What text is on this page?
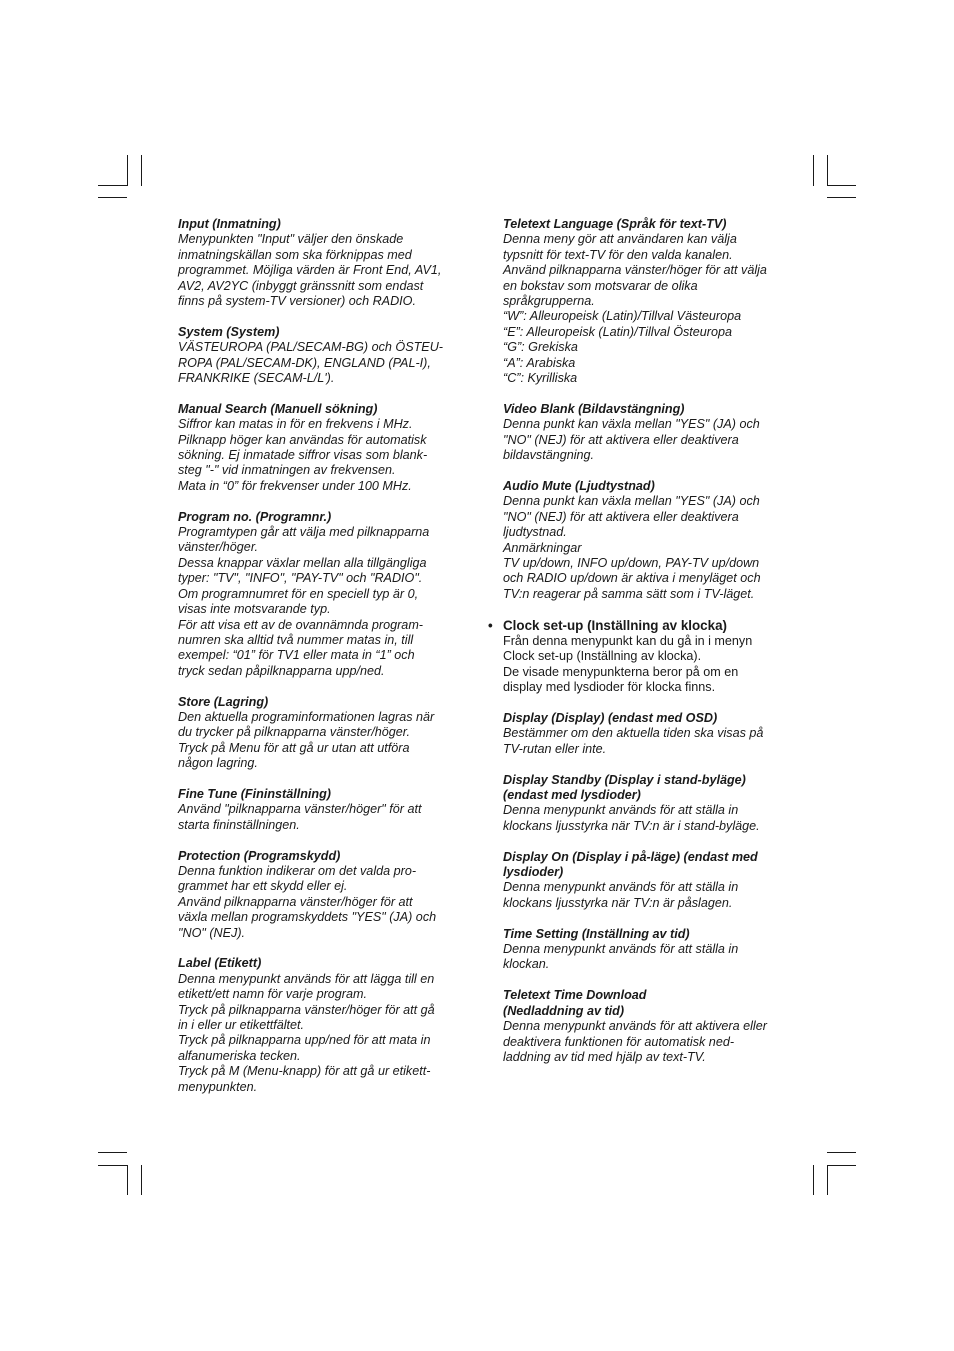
Input (Inmatning)
Menypunkten "Input" väljer den önskade
inmatningskällan som ska förknippas med
programmet. Möjliga värden är Front End, AV1,
AV2, AV2YC (inbyggt gränssnitt som endast
finns på system-TV versioner) och RADIO.
System (System)
VÄSTEUROPA (PAL/SECAM-BG) och ÖSTEU-
ROPA (PAL/SECAM-DK), ENGLAND (PAL-I),
FRANKRIKE (SECAM-L/L').
Manual Search (Manuell sökning)
Siffror kan matas in för en frekvens i MHz.
Pilknapp höger kan användas för automatisk
sökning. Ej inmatade siffror visas som blank-
steg "-" vid inmatningen av frekvensen.
Mata in “0” för frekvenser under 100 MHz.
Program no. (Programnr.)
Programtypen går att välja med pilknapparna
vänster/höger.
Dessa knappar växlar mellan alla tillgängliga
typer: "TV", "INFO", "PAY-TV" och "RADIO".
Om programnumret för en speciell typ är 0,
visas inte motsvarande typ.
För att visa ett av de ovannämnda program-
numren ska alltid två nummer matas in, till
exempel: “01” för TV1 eller mata in “1” och
tryck sedan påpilknapparna upp/ned.
Store (Lagring)
Den aktuella programinformationen lagras när
du trycker på pilknapparna vänster/höger.
Tryck på Menu för att gå ur utan att utföra
någon lagring.
Fine Tune (Fininställning)
Använd "pilknapparna vänster/höger" för att
starta fininställningen.
Protection (Programskydd)
Denna funktion indikerar om det valda pro-
grammet har ett skydd eller ej.
Använd pilknapparna vänster/höger för att
växla mellan programskyddets "YES" (JA) och
"NO" (NEJ).
Label (Etikett)
Denna menypunkt används för att lägga till en
etikett/ett namn för varje program.
Tryck på pilknapparna vänster/höger för att gå
in i eller ur etikettfältet.
Tryck på pilknapparna upp/ned för att mata in
alfanumeriska tecken.
Tryck på M (Menu-knapp) för att gå ur etikett-
menypunkten.
Teletext Language (Språk för text-TV)
Denna meny gör att användaren kan välja
typsnitt för text-TV för den valda kanalen.
Använd pilknapparna vänster/höger för att välja
en bokstav som motsvarar de olika
språkgrupperna.
“W”: Alleuropeisk (Latin)/Tillval Västeuropa
“E”: Alleuropeisk (Latin)/Tillval Östeuropa
“G”: Grekiska
“A”: Arabiska
“C”: Kyrilliska
Video Blank (Bildavstängning)
Denna punkt kan växla mellan "YES" (JA) och
"NO" (NEJ) för att aktivera eller deaktivera
bildavstängning.
Audio Mute (Ljudtystnad)
Denna punkt kan växla mellan "YES" (JA) och
"NO" (NEJ) för att aktivera eller deaktivera
ljudtystnad.
Anmärkningar
TV up/down, INFO up/down, PAY-TV up/down
och RADIO up/down är aktiva i menyläget och
TV:n reagerar på samma sätt som i TV-läget.
• Clock set-up (Inställning av klocka)
Från denna menypunkt kan du gå in i menyn
Clock set-up (Inställning av klocka).
De visade menypunkterna beror på om en
display med lysdioder för klocka finns.
Display (Display) (endast med OSD)
Bestämmer om den aktuella tiden ska visas på
TV-rutan eller inte.
Display Standby (Display i stand-byläge)
(endast med lysdioder)
Denna menypunkt används för att ställa in
klockans ljusstyrka när TV:n är i stand-byläge.
Display On (Display i på-läge) (endast med
lysdioder)
Denna menypunkt används för att ställa in
klockans ljusstyrka när TV:n är påslagen.
Time Setting (Inställning av tid)
Denna menypunkt används för att ställa in
klockan.
Teletext Time Download
(Nedladdning av tid)
Denna menypunkt används för att aktivera eller
deaktivera funktionen för automatisk ned-
laddning av tid med hjälp av text-TV.
